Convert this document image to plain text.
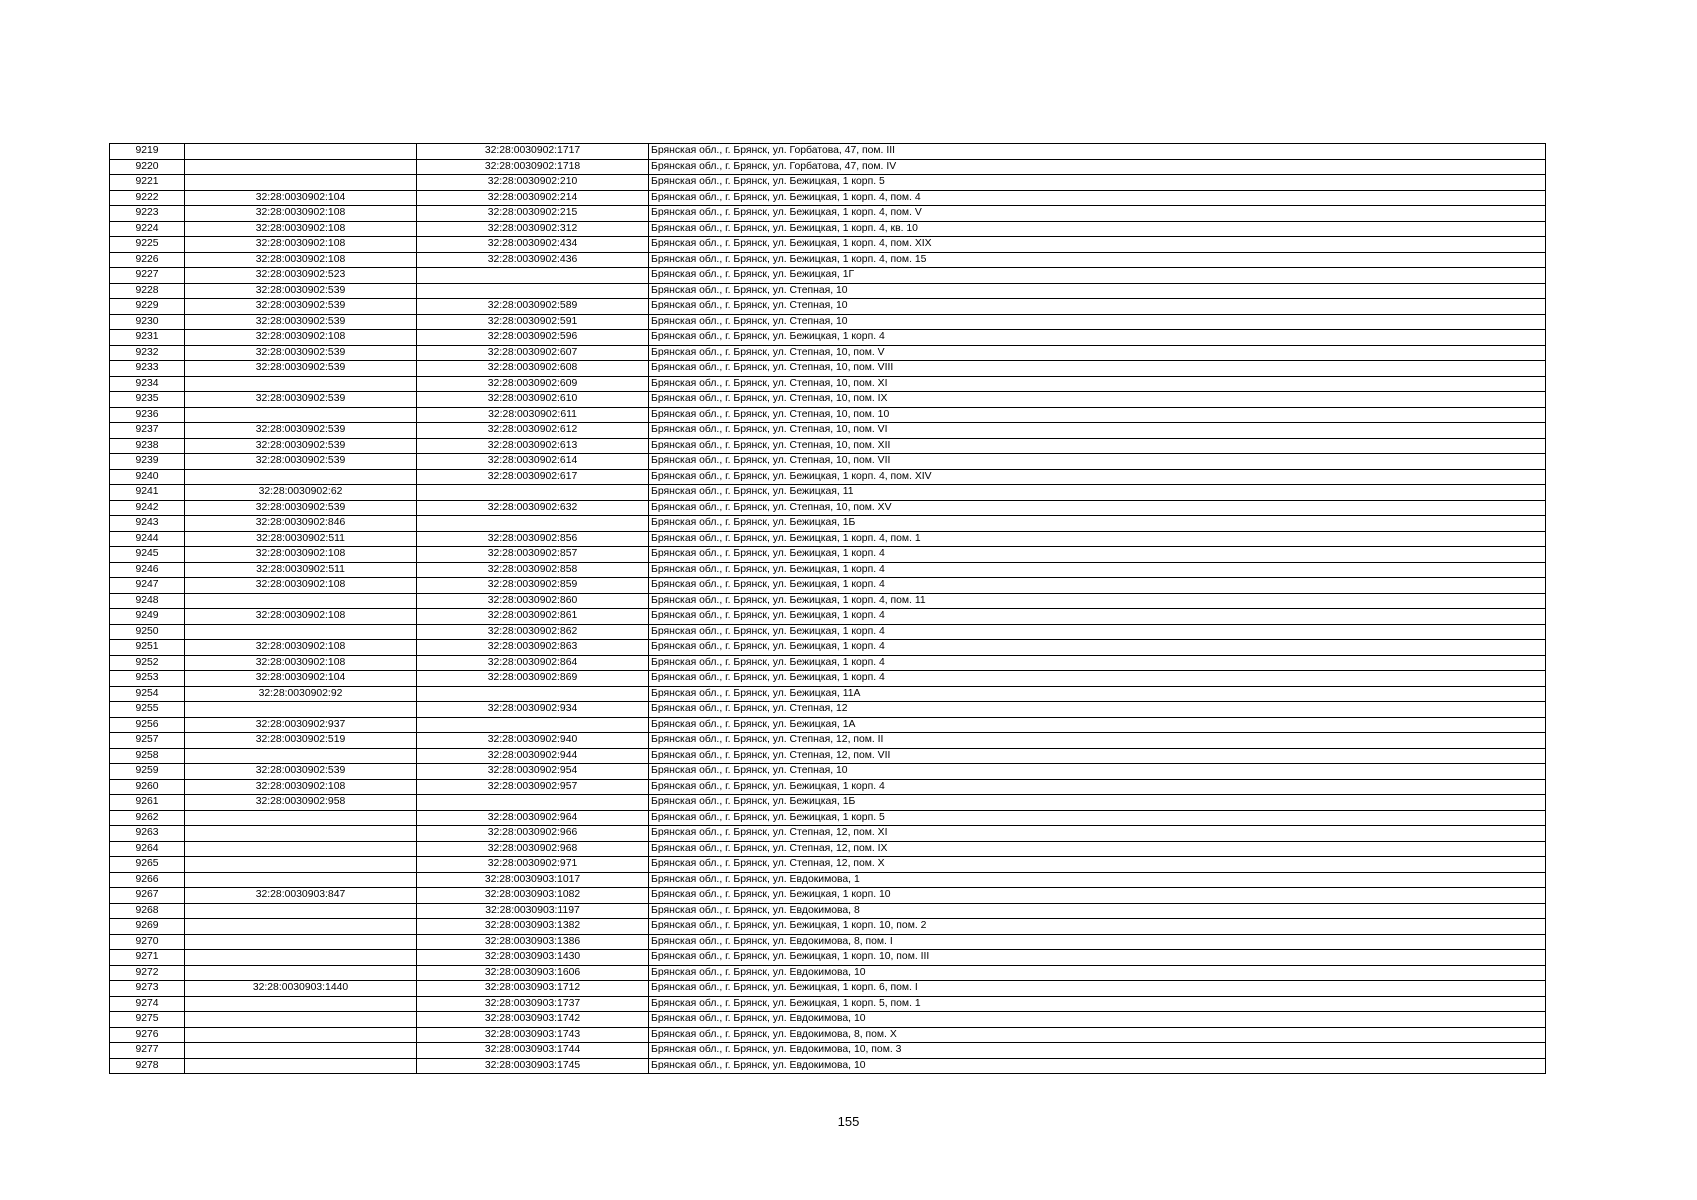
9219		32:28:0030902:1717	Брянская обл., г. Брянск, ул. Горбатова, 47, пом. III
9220		32:28:0030902:1718	Брянская обл., г. Брянск, ул. Горбатова, 47, пом. IV
9221		32:28:0030902:210	Брянская обл., г. Брянск, ул. Бежицкая, 1 корп. 5
9222	32:28:0030902:104	32:28:0030902:214	Брянская обл., г. Брянск, ул. Бежицкая, 1 корп. 4, пом. 4
9223	32:28:0030902:108	32:28:0030902:215	Брянская обл., г. Брянск, ул. Бежицкая, 1 корп. 4, пом. V
9224	32:28:0030902:108	32:28:0030902:312	Брянская обл., г. Брянск, ул. Бежицкая, 1 корп. 4, кв. 10
9225	32:28:0030902:108	32:28:0030902:434	Брянская обл., г. Брянск, ул. Бежицкая, 1 корп. 4, пом. XIX
9226	32:28:0030902:108	32:28:0030902:436	Брянская обл., г. Брянск, ул. Бежицкая, 1 корп. 4, пом. 15
9227	32:28:0030902:523		Брянская обл., г. Брянск, ул. Бежицкая, 1Г
9228	32:28:0030902:539		Брянская обл., г. Брянск, ул. Степная, 10
9229	32:28:0030902:539	32:28:0030902:589	Брянская обл., г. Брянск, ул. Степная, 10
9230	32:28:0030902:539	32:28:0030902:591	Брянская обл., г. Брянск, ул. Степная, 10
9231	32:28:0030902:108	32:28:0030902:596	Брянская обл., г. Брянск, ул. Бежицкая, 1 корп. 4
9232	32:28:0030902:539	32:28:0030902:607	Брянская обл., г. Брянск, ул. Степная, 10, пом. V
9233	32:28:0030902:539	32:28:0030902:608	Брянская обл., г. Брянск, ул. Степная, 10, пом. VIII
9234		32:28:0030902:609	Брянская обл., г. Брянск, ул. Степная, 10, пом. XI
9235	32:28:0030902:539	32:28:0030902:610	Брянская обл., г. Брянск, ул. Степная, 10, пом. IX
9236		32:28:0030902:611	Брянская обл., г. Брянск, ул. Степная, 10, пом. 10
9237	32:28:0030902:539	32:28:0030902:612	Брянская обл., г. Брянск, ул. Степная, 10, пом. VI
9238	32:28:0030902:539	32:28:0030902:613	Брянская обл., г. Брянск, ул. Степная, 10, пом. XII
9239	32:28:0030902:539	32:28:0030902:614	Брянская обл., г. Брянск, ул. Степная, 10, пом. VII
9240		32:28:0030902:617	Брянская обл., г. Брянск, ул. Бежицкая, 1 корп. 4, пом. XIV
9241	32:28:0030902:62		Брянская обл., г. Брянск, ул. Бежицкая, 11
9242	32:28:0030902:539	32:28:0030902:632	Брянская обл., г. Брянск, ул. Степная, 10, пом. XV
9243	32:28:0030902:846		Брянская обл., г. Брянск, ул. Бежицкая, 1Б
9244	32:28:0030902:511	32:28:0030902:856	Брянская обл., г. Брянск, ул. Бежицкая, 1 корп. 4, пом. 1
9245	32:28:0030902:108	32:28:0030902:857	Брянская обл., г. Брянск, ул. Бежицкая, 1 корп. 4
9246	32:28:0030902:511	32:28:0030902:858	Брянская обл., г. Брянск, ул. Бежицкая, 1 корп. 4
9247	32:28:0030902:108	32:28:0030902:859	Брянская обл., г. Брянск, ул. Бежицкая, 1 корп. 4
9248		32:28:0030902:860	Брянская обл., г. Брянск, ул. Бежицкая, 1 корп. 4, пом. 11
9249	32:28:0030902:108	32:28:0030902:861	Брянская обл., г. Брянск, ул. Бежицкая, 1 корп. 4
9250		32:28:0030902:862	Брянская обл., г. Брянск, ул. Бежицкая, 1 корп. 4
9251	32:28:0030902:108	32:28:0030902:863	Брянская обл., г. Брянск, ул. Бежицкая, 1 корп. 4
9252	32:28:0030902:108	32:28:0030902:864	Брянская обл., г. Брянск, ул. Бежицкая, 1 корп. 4
9253	32:28:0030902:104	32:28:0030902:869	Брянская обл., г. Брянск, ул. Бежицкая, 1 корп. 4
9254	32:28:0030902:92		Брянская обл., г. Брянск, ул. Бежицкая, 11А
9255		32:28:0030902:934	Брянская обл., г. Брянск, ул. Степная, 12
9256	32:28:0030902:937		Брянская обл., г. Брянск, ул. Бежицкая, 1А
9257	32:28:0030902:519	32:28:0030902:940	Брянская обл., г. Брянск, ул. Степная, 12, пом. II
9258		32:28:0030902:944	Брянская обл., г. Брянск, ул. Степная, 12, пом. VII
9259	32:28:0030902:539	32:28:0030902:954	Брянская обл., г. Брянск, ул. Степная, 10
9260	32:28:0030902:108	32:28:0030902:957	Брянская обл., г. Брянск, ул. Бежицкая, 1 корп. 4
9261	32:28:0030902:958		Брянская обл., г. Брянск, ул. Бежицкая, 1Б
9262		32:28:0030902:964	Брянская обл., г. Брянск, ул. Бежицкая, 1 корп. 5
9263		32:28:0030902:966	Брянская обл., г. Брянск, ул. Степная, 12, пом. XI
9264		32:28:0030902:968	Брянская обл., г. Брянск, ул. Степная, 12, пом. IX
9265		32:28:0030902:971	Брянская обл., г. Брянск, ул. Степная, 12, пом. X
9266		32:28:0030903:1017	Брянская обл., г. Брянск, ул. Евдокимова, 1
9267	32:28:0030903:847	32:28:0030903:1082	Брянская обл., г. Брянск, ул. Бежицкая, 1 корп. 10
9268		32:28:0030903:1197	Брянская обл., г. Брянск, ул. Евдокимова, 8
9269		32:28:0030903:1382	Брянская обл., г. Брянск, ул. Бежицкая, 1 корп. 10, пом. 2
9270		32:28:0030903:1386	Брянская обл., г. Брянск, ул. Евдокимова, 8, пом. I
9271		32:28:0030903:1430	Брянская обл., г. Брянск, ул. Бежицкая, 1 корп. 10, пом. III
9272		32:28:0030903:1606	Брянская обл., г. Брянск, ул. Евдокимова, 10
9273	32:28:0030903:1440	32:28:0030903:1712	Брянская обл., г. Брянск, ул. Бежицкая, 1 корп. 6, пом. I
9274		32:28:0030903:1737	Брянская обл., г. Брянск, ул. Бежицкая, 1 корп. 5, пом. 1
9275		32:28:0030903:1742	Брянская обл., г. Брянск, ул. Евдокимова, 10
9276		32:28:0030903:1743	Брянская обл., г. Брянск, ул. Евдокимова, 8, пом. X
9277		32:28:0030903:1744	Брянская обл., г. Брянск, ул. Евдокимова, 10, пом. 3
9278		32:28:0030903:1745	Брянская обл., г. Брянск, ул. Евдокимова, 10
155
